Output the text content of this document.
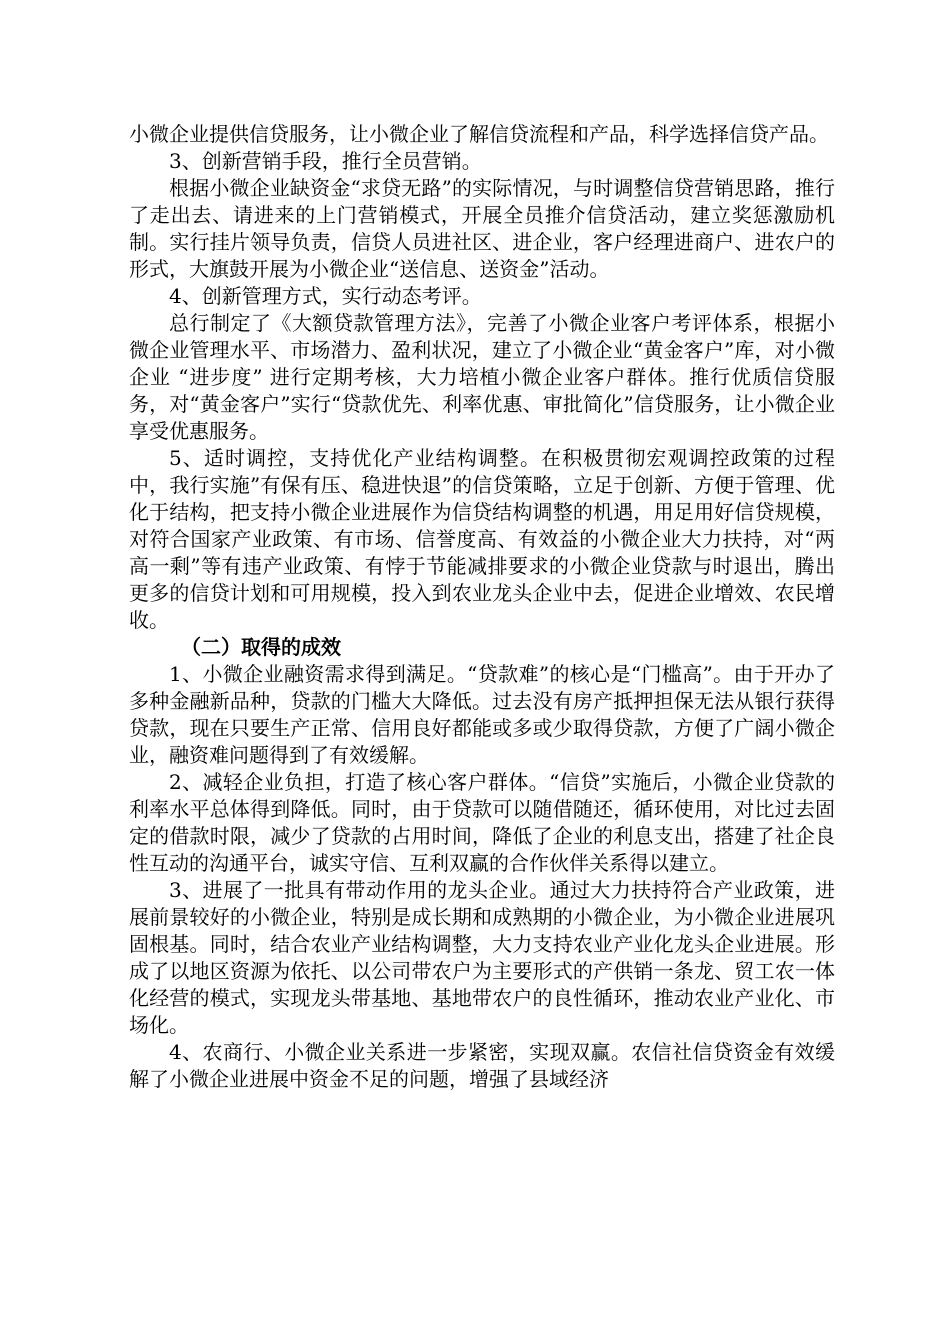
小微企业提供信贷服务，让小微企业了解信贷流程和产品，科学选择信贷产品。

3、创新营销手段，推行全员营销。

根据小微企业缺资金“求贷无路”的实际情况，与时调整信贷营销思路，推行了走出去、请进来的上门营销模式，开展全员推介信贷活动，建立奖惩激励机制。实行挂片领导负责，信贷人员进社区、进企业，客户经理进商户、进农户的形式，大旗鼓开展为小微企业“送信息、送资金”活动。

4、创新管理方式，实行动态考评。

总行制定了《大额贷款管理方法》，完善了小微企业客户考评体系，根据小微企业管理水平、市场潜力、盈利状况，建立了小微企业“黄金客户”库，对小微企业 “进步度” 进行定期考核，大力培植小微企业客户群体。推行优质信贷服务，对“黄金客户”实行“贷款优先、利率优惠、审批简化”信贷服务，让小微企业享受优惠服务。

5、适时调控，支持优化产业结构调整。在积极贯彻宏观调控政策的过程中，我行实施”有保有压、稳进快退”的信贷策略，立足于创新、方便于管理、优化于结构，把支持小微企业进展作为信贷结构调整的机遇，用足用好信贷规模，对符合国家产业政策、有市场、信誉度高、有效益的小微企业大力扶持，对“两高一剩”等有违产业政策、有悖于节能减排要求的小微企业贷款与时退出，腾出更多的信贷计划和可用规模，投入到农业龙头企业中去，促进企业增效、农民增收。

（二）取得的成效

1、小微企业融资需求得到满足。“贷款难”的核心是“门槛高”。由于开办了多种金融新品种，贷款的门槛大大降低。过去没有房产抵押担保无法从银行获得贷款，现在只要生产正常、信用良好都能或多或少取得贷款，方便了广阔小微企业，融资难问题得到了有效缓解。

2、减轻企业负担，打造了核心客户群体。“信贷”实施后，小微企业贷款的利率水平总体得到降低。同时，由于贷款可以随借随还，循环使用，对比过去固定的借款时限，减少了贷款的占用时间，降低了企业的利息支出，搭建了社企良性互动的沟通平台，诚实守信、互利双赢的合作伙伴关系得以建立。

3、进展了一批具有带动作用的龙头企业。通过大力扶持符合产业政策，进展前景较好的小微企业，特别是成长期和成熟期的小微企业，为小微企业进展巩固根基。同时，结合农业产业结构调整，大力支持农业产业化龙头企业进展。形成了以地区资源为依托、以公司带农户为主要形式的产供销一条龙、贸工农一体化经营的模式，实现龙头带基地、基地带农户的良性循环，推动农业产业化、市场化。

4、农商行、小微企业关系进一步紧密，实现双赢。农信社信贷资金有效缓解了小微企业进展中资金不足的问题，增强了县域经济
